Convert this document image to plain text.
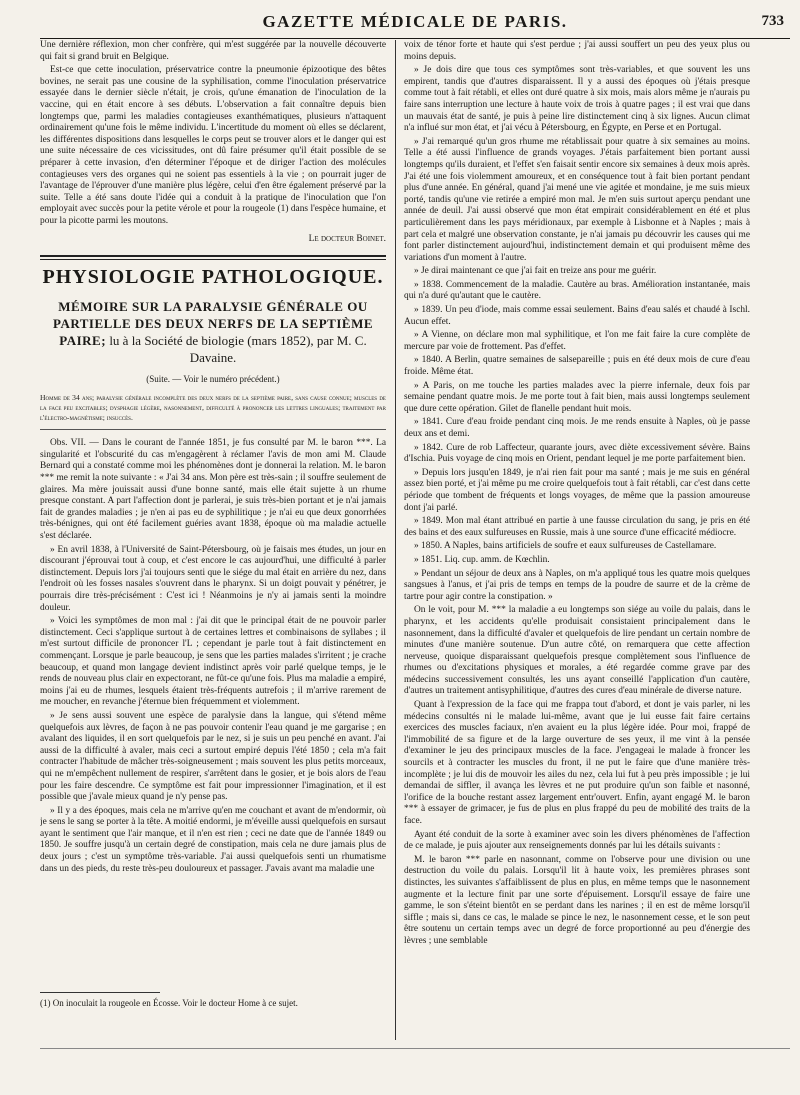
GAZETTE MÉDICALE DE PARIS.	733

Une dernière réflexion, mon cher confrère, qui m'est suggérée par la nouvelle découverte qui fait si grand bruit en Belgique.

Est-ce que cette inoculation, préservatrice contre la pneumonie épizootique des bêtes bovines, ne serait pas une cousine de la syphilisation, comme l'inoculation préservatrice essayée dans le dernier siècle n'était, je crois, qu'une émanation de l'inoculation de la vaccine, qui en était encore à ses débuts. L'observation a fait connaître depuis bien longtemps que, parmi les maladies contagieuses exanthématiques, plusieurs n'attaquent ordinairement qu'une fois le même individu. L'incertitude du moment où elles se déclarent, les différentes dispositions dans lesquelles le corps peut se trouver alors et le danger qui est une suite nécessaire de ces vicissitudes, ont dû faire présumer qu'il était possible de se préparer à cette invasion, d'en déterminer l'époque et de diriger l'action des molécules contagieuses vers des organes qui ne soient pas essentiels à la vie ; on pourrait juger de l'avantage de l'éprouver d'une manière plus légère, celui d'en être également préservé par la suite. Telle a été sans doute l'idée qui a conduit à la pratique de l'inoculation que l'on employait avec succès pour la petite vérole et pour la rougeole (1) dans l'espèce humaine, et pour la picotte parmi les moutons.

Le docteur Boinet.

PHYSIOLOGIE PATHOLOGIQUE.
MÉMOIRE SUR LA PARALYSIE GÉNÉRALE OU PARTIELLE DES DEUX NERFS DE LA SEPTIÈME PAIRE; lu à la Société de biologie (mars 1852), par M. C. Davaine.
(Suite. — Voir le numéro précédent.)
Homme de 34 ans; paralysie générale incomplète des deux nerfs de la septième paire, sans cause connue; muscles de la face peu excitables; dysphagie légère, nasonnement, difficulté à prononcer les lettres linguales; traitement par l'électro-magnétisme; insuccès.

Obs. VII. — Dans le courant de l'année 1851, je fus consulté par M. le baron ***. La singularité et l'obscurité du cas m'engagèrent à réclamer l'avis de mon ami M. Claude Bernard qui a constaté comme moi les phénomènes dont je donnerai la relation. M. le baron *** me remit la note suivante : « J'ai 34 ans. Mon père est très-sain ; il souffre seulement de glaires. Ma mère jouissait aussi d'une bonne santé, mais elle était sujette à un rhume presque constant. A part l'affection dont je parlerai, je suis très-bien portant et je n'ai jamais fait de grandes maladies ; je n'en ai pas eu de syphilitique ; je n'ai eu que deux gonorrhées très-bénignes, qui ont été facilement guéries avant 1838, époque où ma maladie actuelle s'est déclarée.

» En avril 1838, à l'Université de Saint-Pétersbourg, où je faisais mes études, un jour en discourant j'éprouvai tout à coup, et c'est encore le cas aujourd'hui, une difficulté à parler distinctement. Depuis lors j'ai toujours senti que le siége du mal était en arrière du nez, dans l'endroit où les fosses nasales s'ouvrent dans le pharynx. Si un doigt pouvait y pénétrer, je pourrais dire très-précisément : C'est ici ! Néanmoins je n'y ai jamais senti la moindre douleur.

» Voici les symptômes de mon mal : j'ai dit que le principal était de ne pouvoir parler distinctement. Ceci s'applique surtout à de certaines lettres et combinaisons de syllabes ; il m'est surtout difficile de prononcer l'L ; cependant je parle tout à fait distinctement en commençant. Lorsque je parle beaucoup, je sens que les parties malades s'irritent ; je crache beaucoup, et quand mon langage devient indistinct après voir parlé quelque temps, je le rends de nouveau plus clair en expectorant, ne fût-ce qu'une fois. Plus ma maladie a empiré, moins j'ai eu de rhumes, lesquels étaient très-fréquents autrefois ; il m'arrive rarement de me moucher, en revanche j'éternue bien fréquemment et violemment.

» Je sens aussi souvent une espèce de paralysie dans la langue, qui s'étend même quelquefois aux lèvres, de façon à ne pas pouvoir contenir l'eau quand je me gargarise ; en avalant des liquides, il en sort quelquefois par le nez, si je suis un peu penché en avant. J'ai aussi de la difficulté à avaler, mais ceci a surtout empiré depuis l'été 1850 ; cela m'a fait contracter l'habitude de mâcher très-soigneusement ; mais souvent les plus petits morceaux, qui ne m'empêchent nullement de respirer, s'arrêtent dans le gosier, et je bois alors de l'eau pour les faire descendre. Ce symptôme est fait pour impressionner l'imagination, et il est possible que j'avale mieux quand je n'y pense pas.

» Il y a des époques, mais cela ne m'arrive qu'en me couchant et avant de m'endormir, où je sens le sang se porter à la tête. A moitié endormi, je m'éveille aussi quelquefois en sursaut ayant le sentiment que l'air manque, et il n'en est rien ; ceci ne date que de l'année 1849 ou 1850. Je souffre jusqu'à un certain degré de constipation, mais cela ne dure jamais plus de deux jours ; c'est un symptôme très-variable. J'ai aussi quelquefois senti un rhumatisme dans un des pieds, du reste très-peu douloureux et passager. J'avais avant ma maladie une

(1) On inoculait la rougeole en Écosse. Voir le docteur Home à ce sujet.

voix de ténor forte et haute qui s'est perdue ; j'ai aussi souffert un peu des yeux plus ou moins depuis.

» Je dois dire que tous ces symptômes sont très-variables, et que souvent les uns empirent, tandis que d'autres disparaissent. Il y a aussi des époques où j'étais presque comme tout à fait rétabli, et elles ont duré quatre à six mois, mais alors même je n'aurais pu faire sans interruption une lecture à haute voix de trois à quatre pages ; il est vrai que dans un mauvais état de santé, je puis à peine lire distinctement cinq à six lignes. Aucun climat n'a influé sur mon état, et j'ai vécu à Pétersbourg, en Égypte, en Perse et en Portugal.

» J'ai remarqué qu'un gros rhume me rétablissait pour quatre à six semaines au moins. Telle a été aussi l'influence de grands voyages. J'étais parfaitement bien portant aussi longtemps qu'ils duraient, et l'effet s'en faisait sentir encore six semaines à deux mois après. J'ai été une fois violemment amoureux, et en conséquence tout à fait bien portant pendant plus d'une année. En général, quand j'ai mené une vie agitée et mondaine, je me suis mieux porté, tandis qu'une vie retirée a empiré mon mal. Je m'en suis surtout aperçu pendant une année de deuil. J'ai aussi observé que mon état empirait considérablement en été et plus particulièrement dans les pays méridionaux, par exemple à Lisbonne et à Naples ; mais à part cela et malgré une observation constante, je n'ai jamais pu découvrir les causes qui me font parler distinctement aujourd'hui, indistinctement demain et qui produisent même des variations d'un moment à l'autre.

» Je dirai maintenant ce que j'ai fait en treize ans pour me guérir.

» 1838. Commencement de la maladie. Cautère au bras. Amélioration instantanée, mais qui n'a duré qu'autant que le cautère.

» 1839. Un peu d'iode, mais comme essai seulement. Bains d'eau salés et chaudé à Ischl. Aucun effet.

» A Vienne, on déclare mon mal syphilitique, et l'on me fait faire la cure complète de mercure par voie de frottement. Pas d'effet.

» 1840. A Berlin, quatre semaines de salsepareille ; puis en été deux mois de cure d'eau froide. Même état.

» A Paris, on me touche les parties malades avec la pierre infernale, deux fois par semaine pendant quatre mois. Je me porte tout à fait bien, mais aussi longtemps seulement que dure cette opération. Gilet de flanelle pendant huit mois.

» 1841. Cure d'eau froide pendant cinq mois. Je me rends ensuite à Naples, où je passe deux ans et demi.

» 1842. Cure de rob Laffecteur, quarante jours, avec diète excessivement sévère. Bains d'Ischia. Puis voyage de cinq mois en Orient, pendant lequel je me porte parfaitement bien.

» Depuis lors jusqu'en 1849, je n'ai rien fait pour ma santé ; mais je me suis en général assez bien porté, et j'ai même pu me croire quelquefois tout à fait rétabli, car c'est dans cette période que tombent de fréquents et longs voyages, de même que la passion amoureuse dont j'ai parlé.

» 1849. Mon mal étant attribué en partie à une fausse circulation du sang, je pris en été des bains et des eaux sulfureuses en Russie, mais à une source d'une efficacité médiocre.

» 1850. A Naples, bains artificiels de soufre et eaux sulfureuses de Castellamare.

» 1851. Liq. cup. amm. de Kœchlin.

» Pendant un séjour de deux ans à Naples, on m'a appliqué tous les quatre mois quelques sangsues à l'anus, et j'ai pris de temps en temps de la poudre de saurre et de la crème de tartre pour agir contre la constipation. »

On le voit, pour M. *** la maladie a eu longtemps son siége au voile du palais, dans le pharynx, et les accidents qu'elle produisait consistaient principalement dans le nasonnement, dans la difficulté d'avaler et quelquefois de lire pendant un certain nombre de minutes d'une manière soutenue. D'un autre côté, on remarquera que cette affection nerveuse, quoique disparaissant quelquefois presque complètement sous l'influence de rhumes ou d'excitations physiques et morales, a été regardée comme grave par des médecins successivement consultés, les uns ayant conseillé l'application d'un cautère, d'autres un traitement antisyphilitique, d'autres des cures d'eau minérale de diverse nature.

Quant à l'expression de la face qui me frappa tout d'abord, et dont je vais parler, ni les médecins consultés ni le malade lui-même, avant que je lui eusse fait faire certains exercices des muscles faciaux, n'en avaient eu la plus légère idée. Pour moi, frappé de l'immobilité de sa figure et de la large ouverture de ses yeux, il me vint à la pensée d'examiner le jeu des principaux muscles de la face. J'engageai le malade à froncer les sourcils et à contracter les muscles du front, il ne put le faire que d'une manière très-incomplète ; je lui dis de mouvoir les ailes du nez, cela lui fut à peu près impossible ; je lui demandai de siffler, il avança les lèvres et ne put produire qu'un son faible et nasonné, l'orifice de la bouche restant assez largement entr'ouvert. Enfin, ayant engagé M. le baron *** à essayer de grimacer, je fus de plus en plus frappé du peu de mobilité des traits de la face.

Ayant été conduit de la sorte à examiner avec soin les divers phénomènes de l'affection de ce malade, je puis ajouter aux renseignements donnés par lui les détails suivants :

M. le baron *** parle en nasonnant, comme on l'observe pour une division ou une destruction du voile du palais. Lorsqu'il lit à haute voix, les premières phrases sont distinctes, les suivantes s'affaiblissent de plus en plus, en même temps que le nasonnement augmente et la lecture finit par une sorte d'épuisement. Lorsqu'il essaye de faire une gamme, le son s'éteint bientôt en se perdant dans les narines ; il en est de même lorsqu'il siffle ; mais si, dans ce cas, le malade se pince le nez, le nasonnement cesse, et le son peut être soutenu un certain temps avec un degré de force proportionné au peu d'énergie des lèvres ; une semblable
